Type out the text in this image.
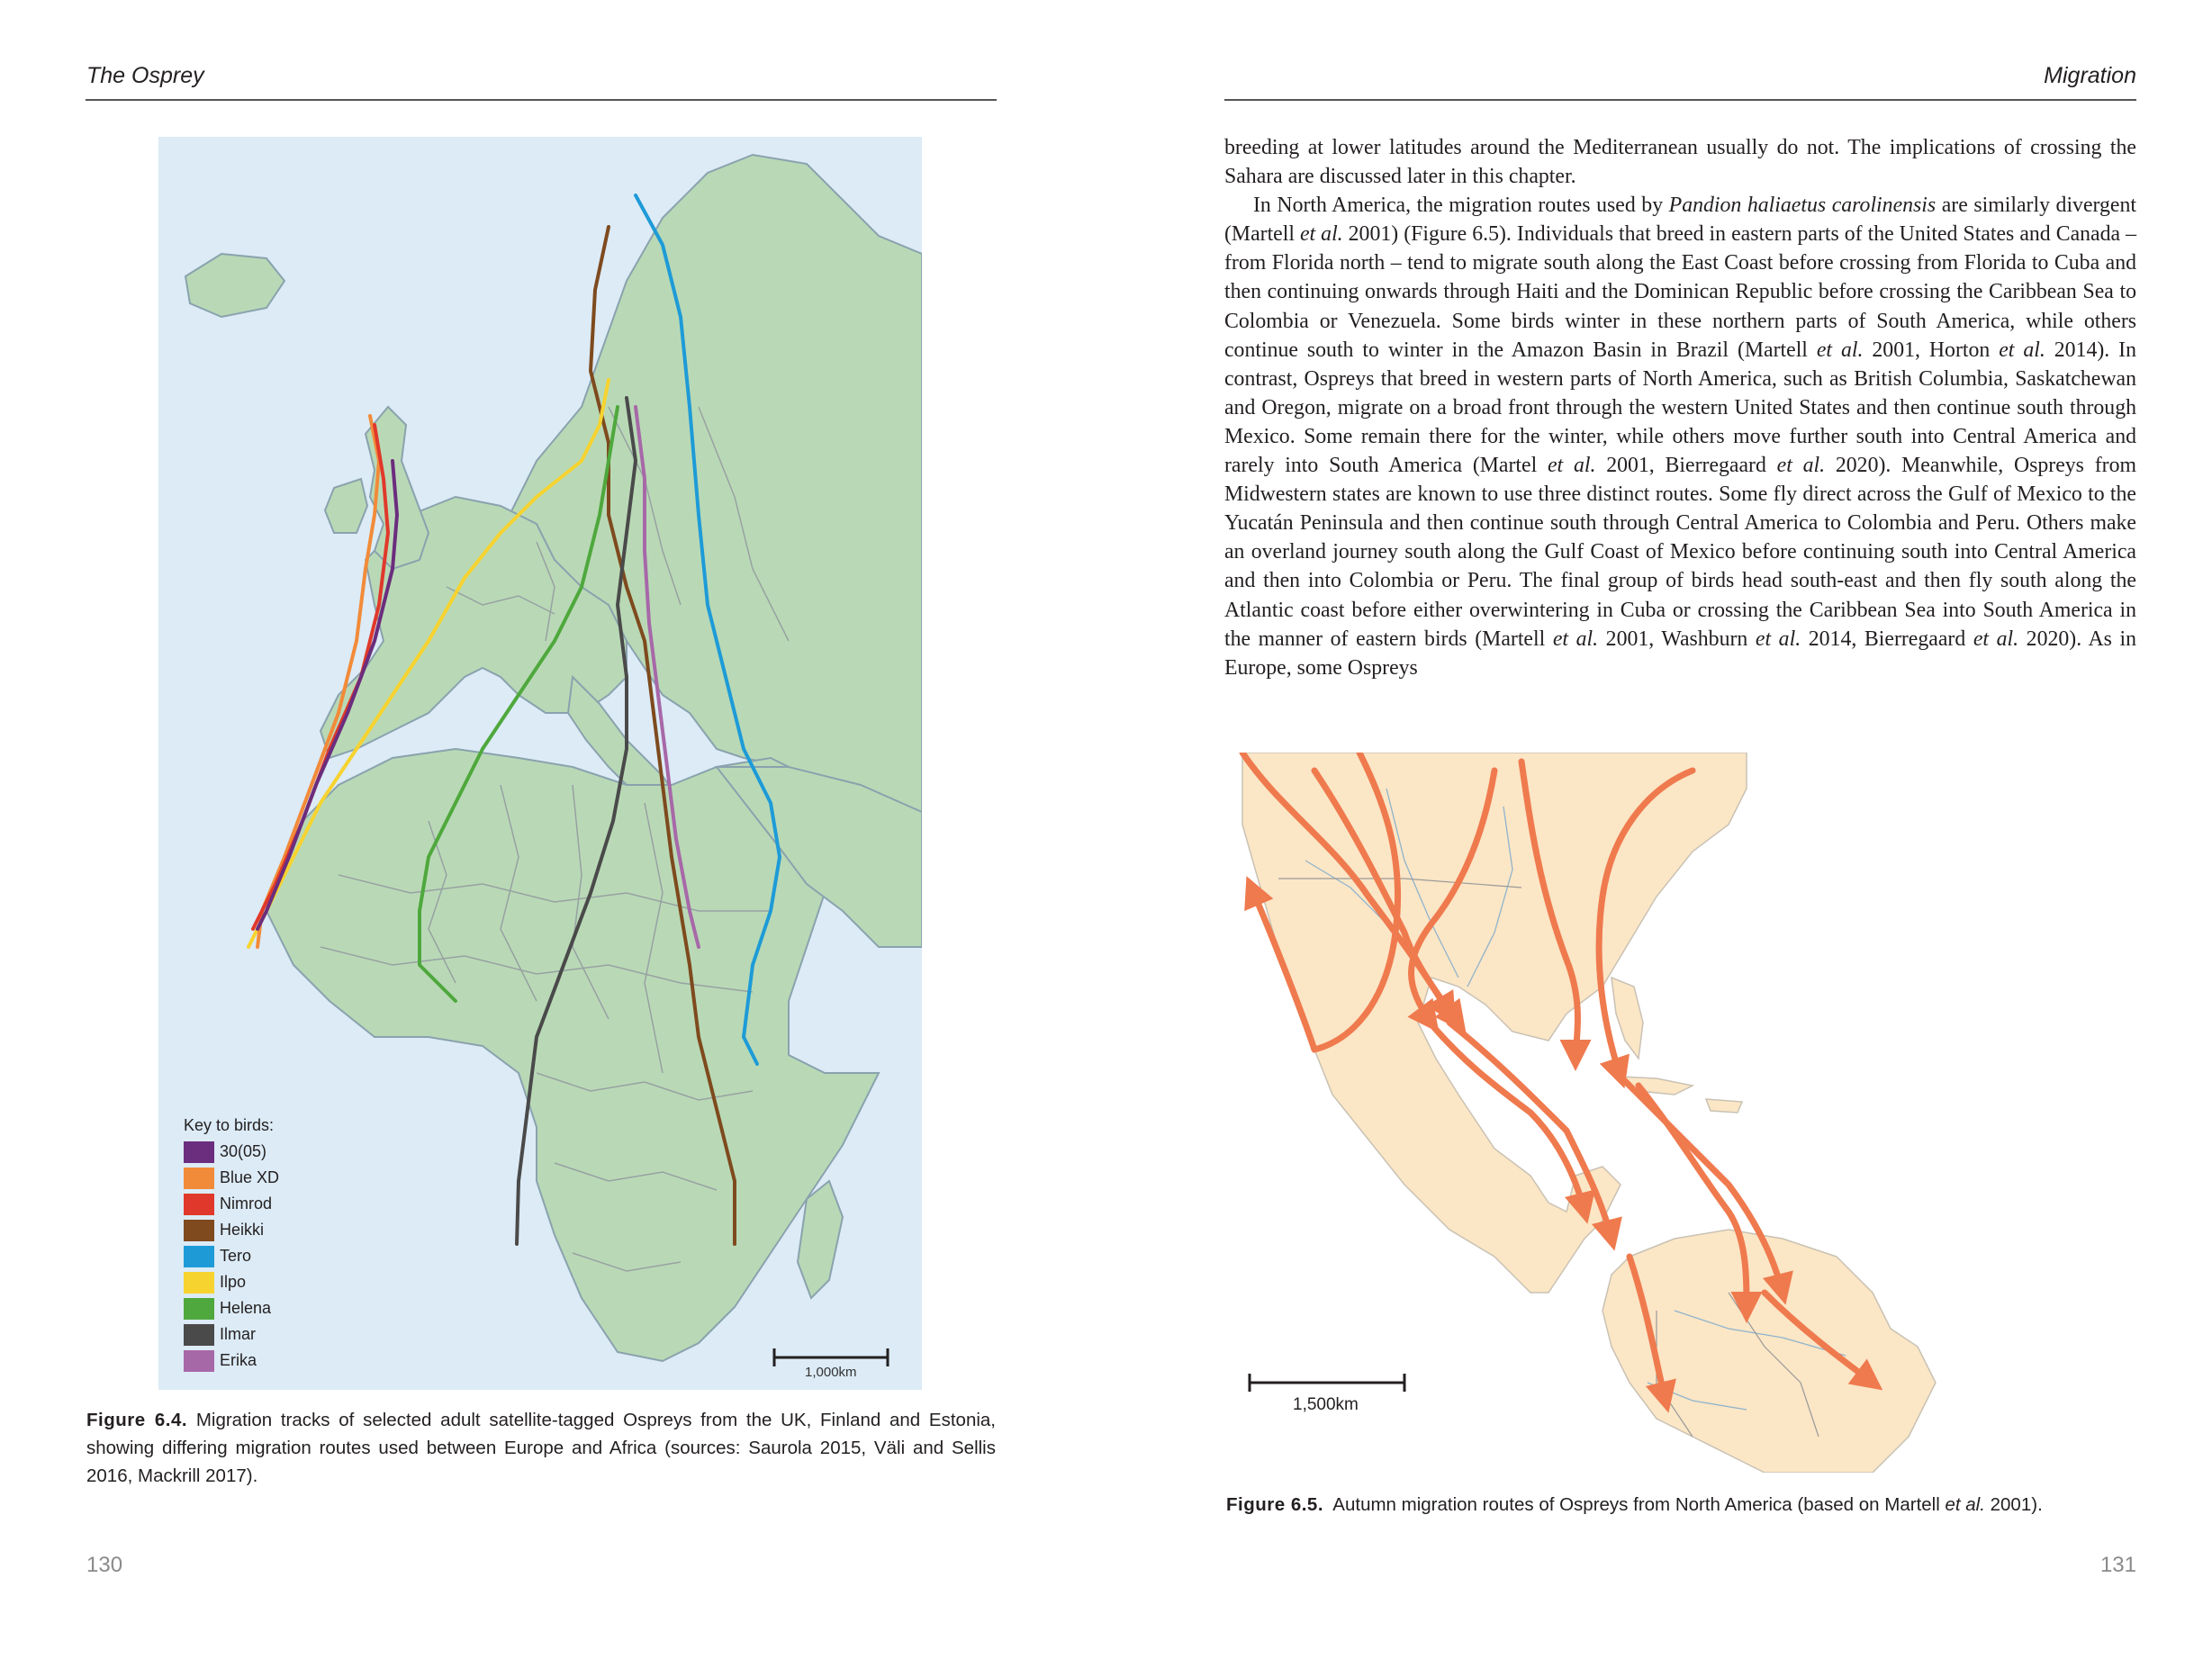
The Osprey
Key to birds:
30(05)
Blue XD
Nimrod
Heikki
Tero
Ilpo
Helena
Ilmar
Erika
1,000km
Figure 6.4. Migration tracks of selected adult satellite-tagged Ospreys from the UK, Finland and Estonia, showing differing migration routes used between Europe and Africa (sources: Saurola 2015, Väli and Sellis 2016, Mackrill 2017).
130
Migration

breeding at lower latitudes around the Mediterranean usually do not. The implications of crossing the Sahara are discussed later in this chapter.

In North America, the migration routes used by Pandion haliaetus carolinensis are similarly divergent (Martell et al. 2001) (Figure 6.5). Individuals that breed in eastern parts of the United States and Canada – from Florida north – tend to migrate south along the East Coast before crossing from Florida to Cuba and then continuing onwards through Haiti and the Dominican Republic before crossing the Caribbean Sea to Colombia or Venezuela. Some birds winter in these northern parts of South America, while others continue south to winter in the Amazon Basin in Brazil (Martell et al. 2001, Horton et al. 2014). In contrast, Ospreys that breed in western parts of North America, such as British Columbia, Saskatchewan and Oregon, migrate on a broad front through the western United States and then continue south through Mexico. Some remain there for the winter, while others move further south into Central America and rarely into South America (Martel et al. 2001, Bierregaard et al. 2020). Meanwhile, Ospreys from Midwestern states are known to use three distinct routes. Some fly direct across the Gulf of Mexico to the Yucatán Peninsula and then continue south through Central America to Colombia and Peru. Others make an overland journey south along the Gulf Coast of Mexico before continuing south into Central America and then into Colombia or Peru. The final group of birds head south-east and then fly south along the Atlantic coast before either overwintering in Cuba or crossing the Caribbean Sea into South America in the manner of eastern birds (Martell et al. 2001, Washburn et al. 2014, Bierregaard et al. 2020). As in Europe, some Ospreys

1,500km
Figure 6.5. Autumn migration routes of Ospreys from North America (based on Martell et al. 2001).
131
